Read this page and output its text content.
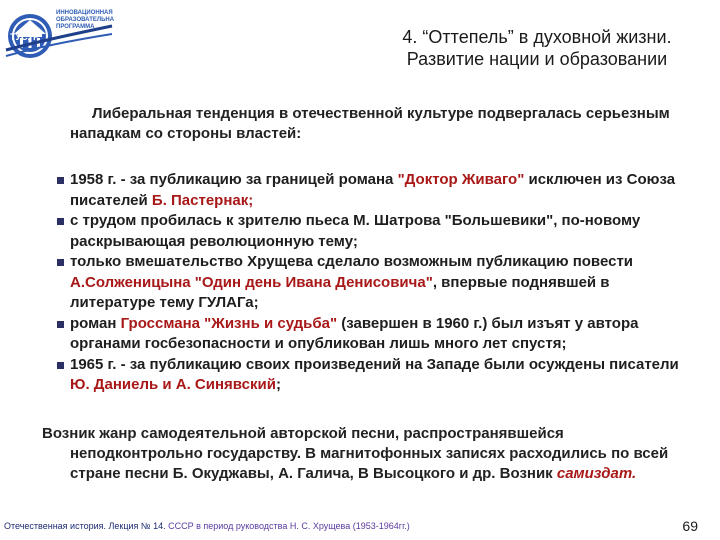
ТУСУР
ИННОВАЦИОННАЯ
ОБРАЗОВАТЕЛЬНАЯ
ПРОГРАММА	4. “Оттепель” в духовной жизни. Развитие нации и образовании
Либеральная тенденция в отечественной культуре подвергалась серьезным нападкам со стороны властей:
1958 г. - за публикацию за границей романа "Доктор Живаго" исключен из Союза писателей Б. Пастернак;
с трудом пробилась к зрителю пьеса М. Шатрова "Большевики", по-новому раскрывающая революционную тему;
только вмешательство Хрущева сделало возможным публикацию повести А.Солженицына "Один день Ивана Денисовича", впервые поднявшей в литературе тему ГУЛАГа;
роман Гроссмана "Жизнь и судьба" (завершен в 1960 г.) был изъят у автора органами госбезопасности и опубликован лишь много лет спустя;
1965 г. - за публикацию своих произведений на Западе были осуждены писатели Ю. Даниель и А. Синявский;
Возник жанр самодеятельной авторской песни, распространявшейся
неподконтрольно государству. В магнитофонных записях расходились по всей стране песни Б. Окуджавы, А. Галича, В Высоцкого и др. Возник самиздат.
Отечественная история. Лекция № 14. СССР в период руководства Н. С. Хрущева (1953-1964гг.)	69
